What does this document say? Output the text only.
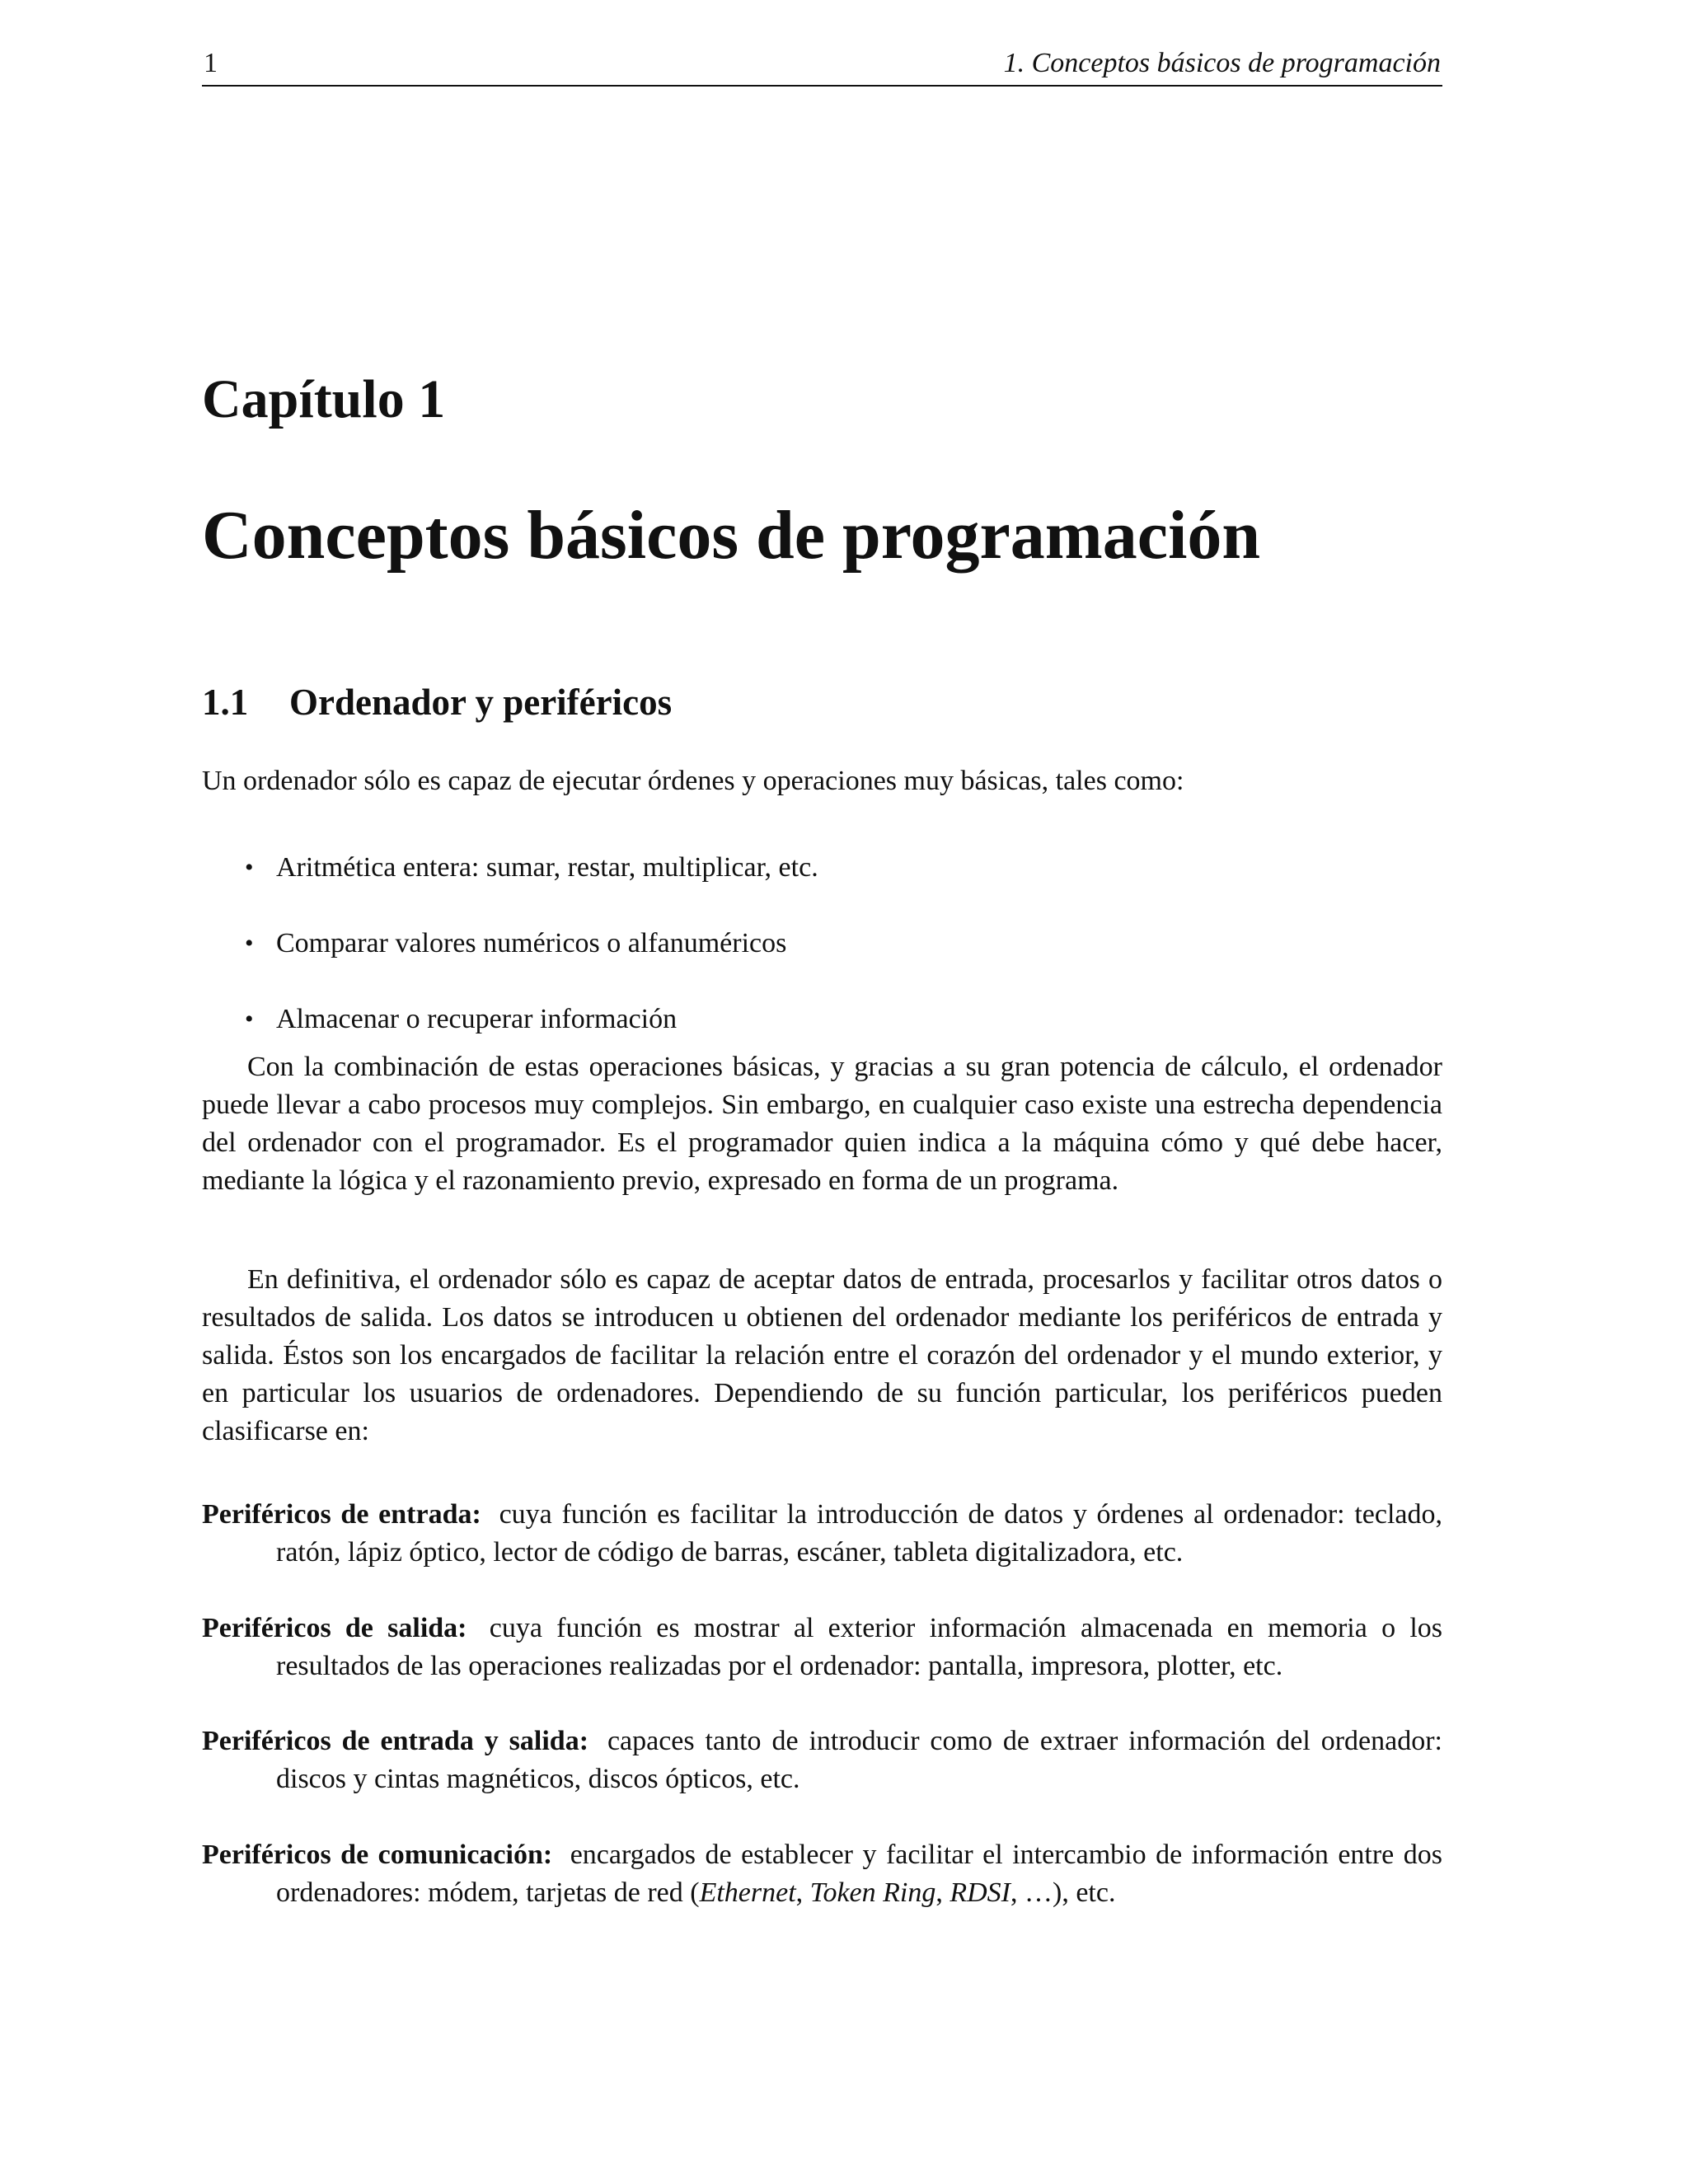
1	1. Conceptos básicos de programación
Capítulo 1
Conceptos básicos de programación
1.1 Ordenador y periféricos
Un ordenador sólo es capaz de ejecutar órdenes y operaciones muy básicas, tales como:
• Aritmética entera: sumar, restar, multiplicar, etc.
• Comparar valores numéricos o alfanuméricos
• Almacenar o recuperar información

Con la combinación de estas operaciones básicas, y gracias a su gran potencia de cálculo, el ordenador puede llevar a cabo procesos muy complejos. Sin embargo, en cualquier caso existe una estrecha dependencia del ordenador con el programador. Es el programador quien indica a la máquina cómo y qué debe hacer, mediante la lógica y el razonamiento previo, expresado en forma de un programa.

En definitiva, el ordenador sólo es capaz de aceptar datos de entrada, procesarlos y facilitar otros datos o resultados de salida. Los datos se introducen u obtienen del ordenador mediante los periféricos de entrada y salida. Éstos son los encargados de facilitar la relación entre el corazón del ordenador y el mundo exterior, y en particular los usuarios de ordenadores. Dependiendo de su función particular, los periféricos pueden clasificarse en:

Periféricos de entrada: cuya función es facilitar la introducción de datos y órdenes al ordenador: teclado, ratón, lápiz óptico, lector de código de barras, escáner, tableta digitalizadora, etc.
Periféricos de salida: cuya función es mostrar al exterior información almacenada en memoria o los resultados de las operaciones realizadas por el ordenador: pantalla, impresora, plotter, etc.
Periféricos de entrada y salida: capaces tanto de introducir como de extraer información del ordenador: discos y cintas magnéticos, discos ópticos, etc.
Periféricos de comunicación: encargados de establecer y facilitar el intercambio de información entre dos ordenadores: módem, tarjetas de red (Ethernet, Token Ring, RDSI, …), etc.
